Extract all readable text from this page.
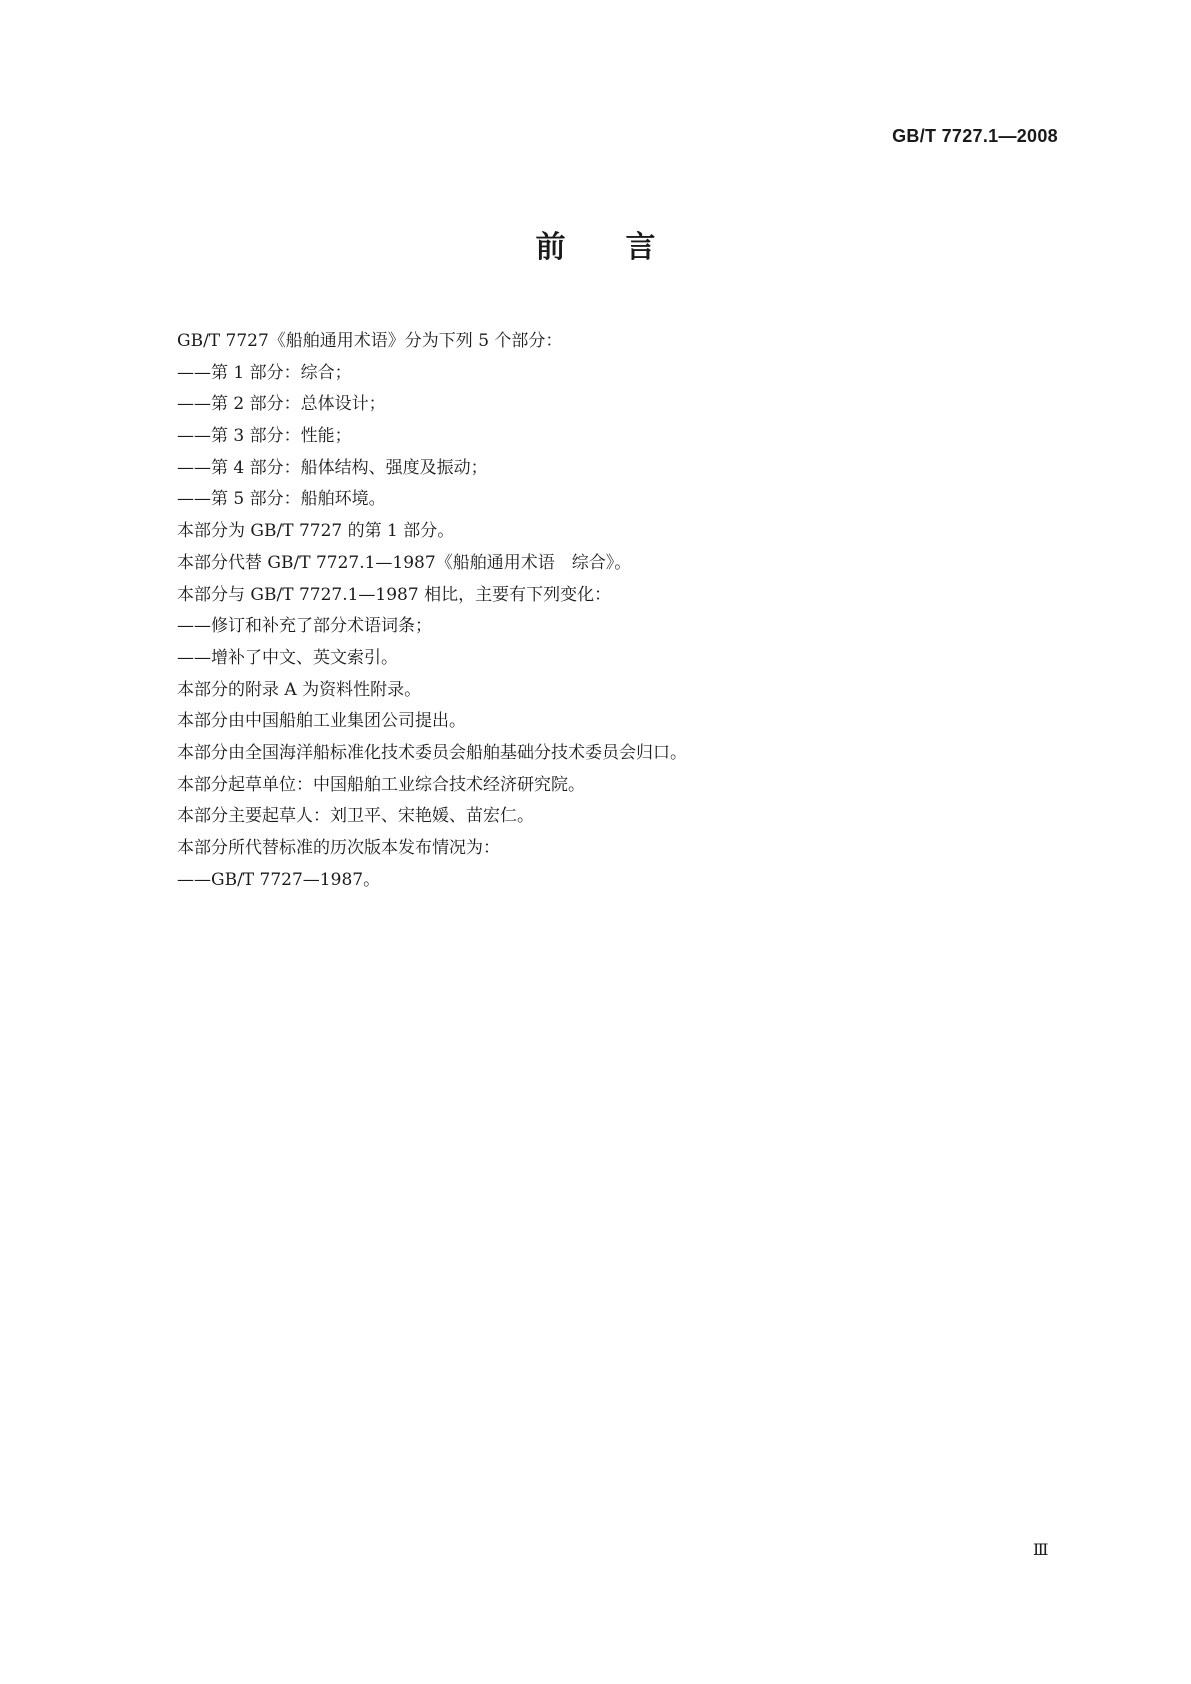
GB/T 7727.1—2008
前 言
GB/T 7727《船舶通用术语》分为下列 5 个部分：
——第 1 部分：综合；
——第 2 部分：总体设计；
——第 3 部分：性能；
——第 4 部分：船体结构、强度及振动；
——第 5 部分：船舶环境。
本部分为 GB/T 7727 的第 1 部分。
本部分代替 GB/T 7727.1—1987《船舶通用术语　综合》。
本部分与 GB/T 7727.1—1987 相比，主要有下列变化：
——修订和补充了部分术语词条；
——增补了中文、英文索引。
本部分的附录 A 为资料性附录。
本部分由中国船舶工业集团公司提出。
本部分由全国海洋船标准化技术委员会船舶基础分技术委员会归口。
本部分起草单位：中国船舶工业综合技术经济研究院。
本部分主要起草人：刘卫平、宋艳媛、苗宏仁。
本部分所代替标准的历次版本发布情况为：
——GB/T 7727—1987。
Ⅲ
